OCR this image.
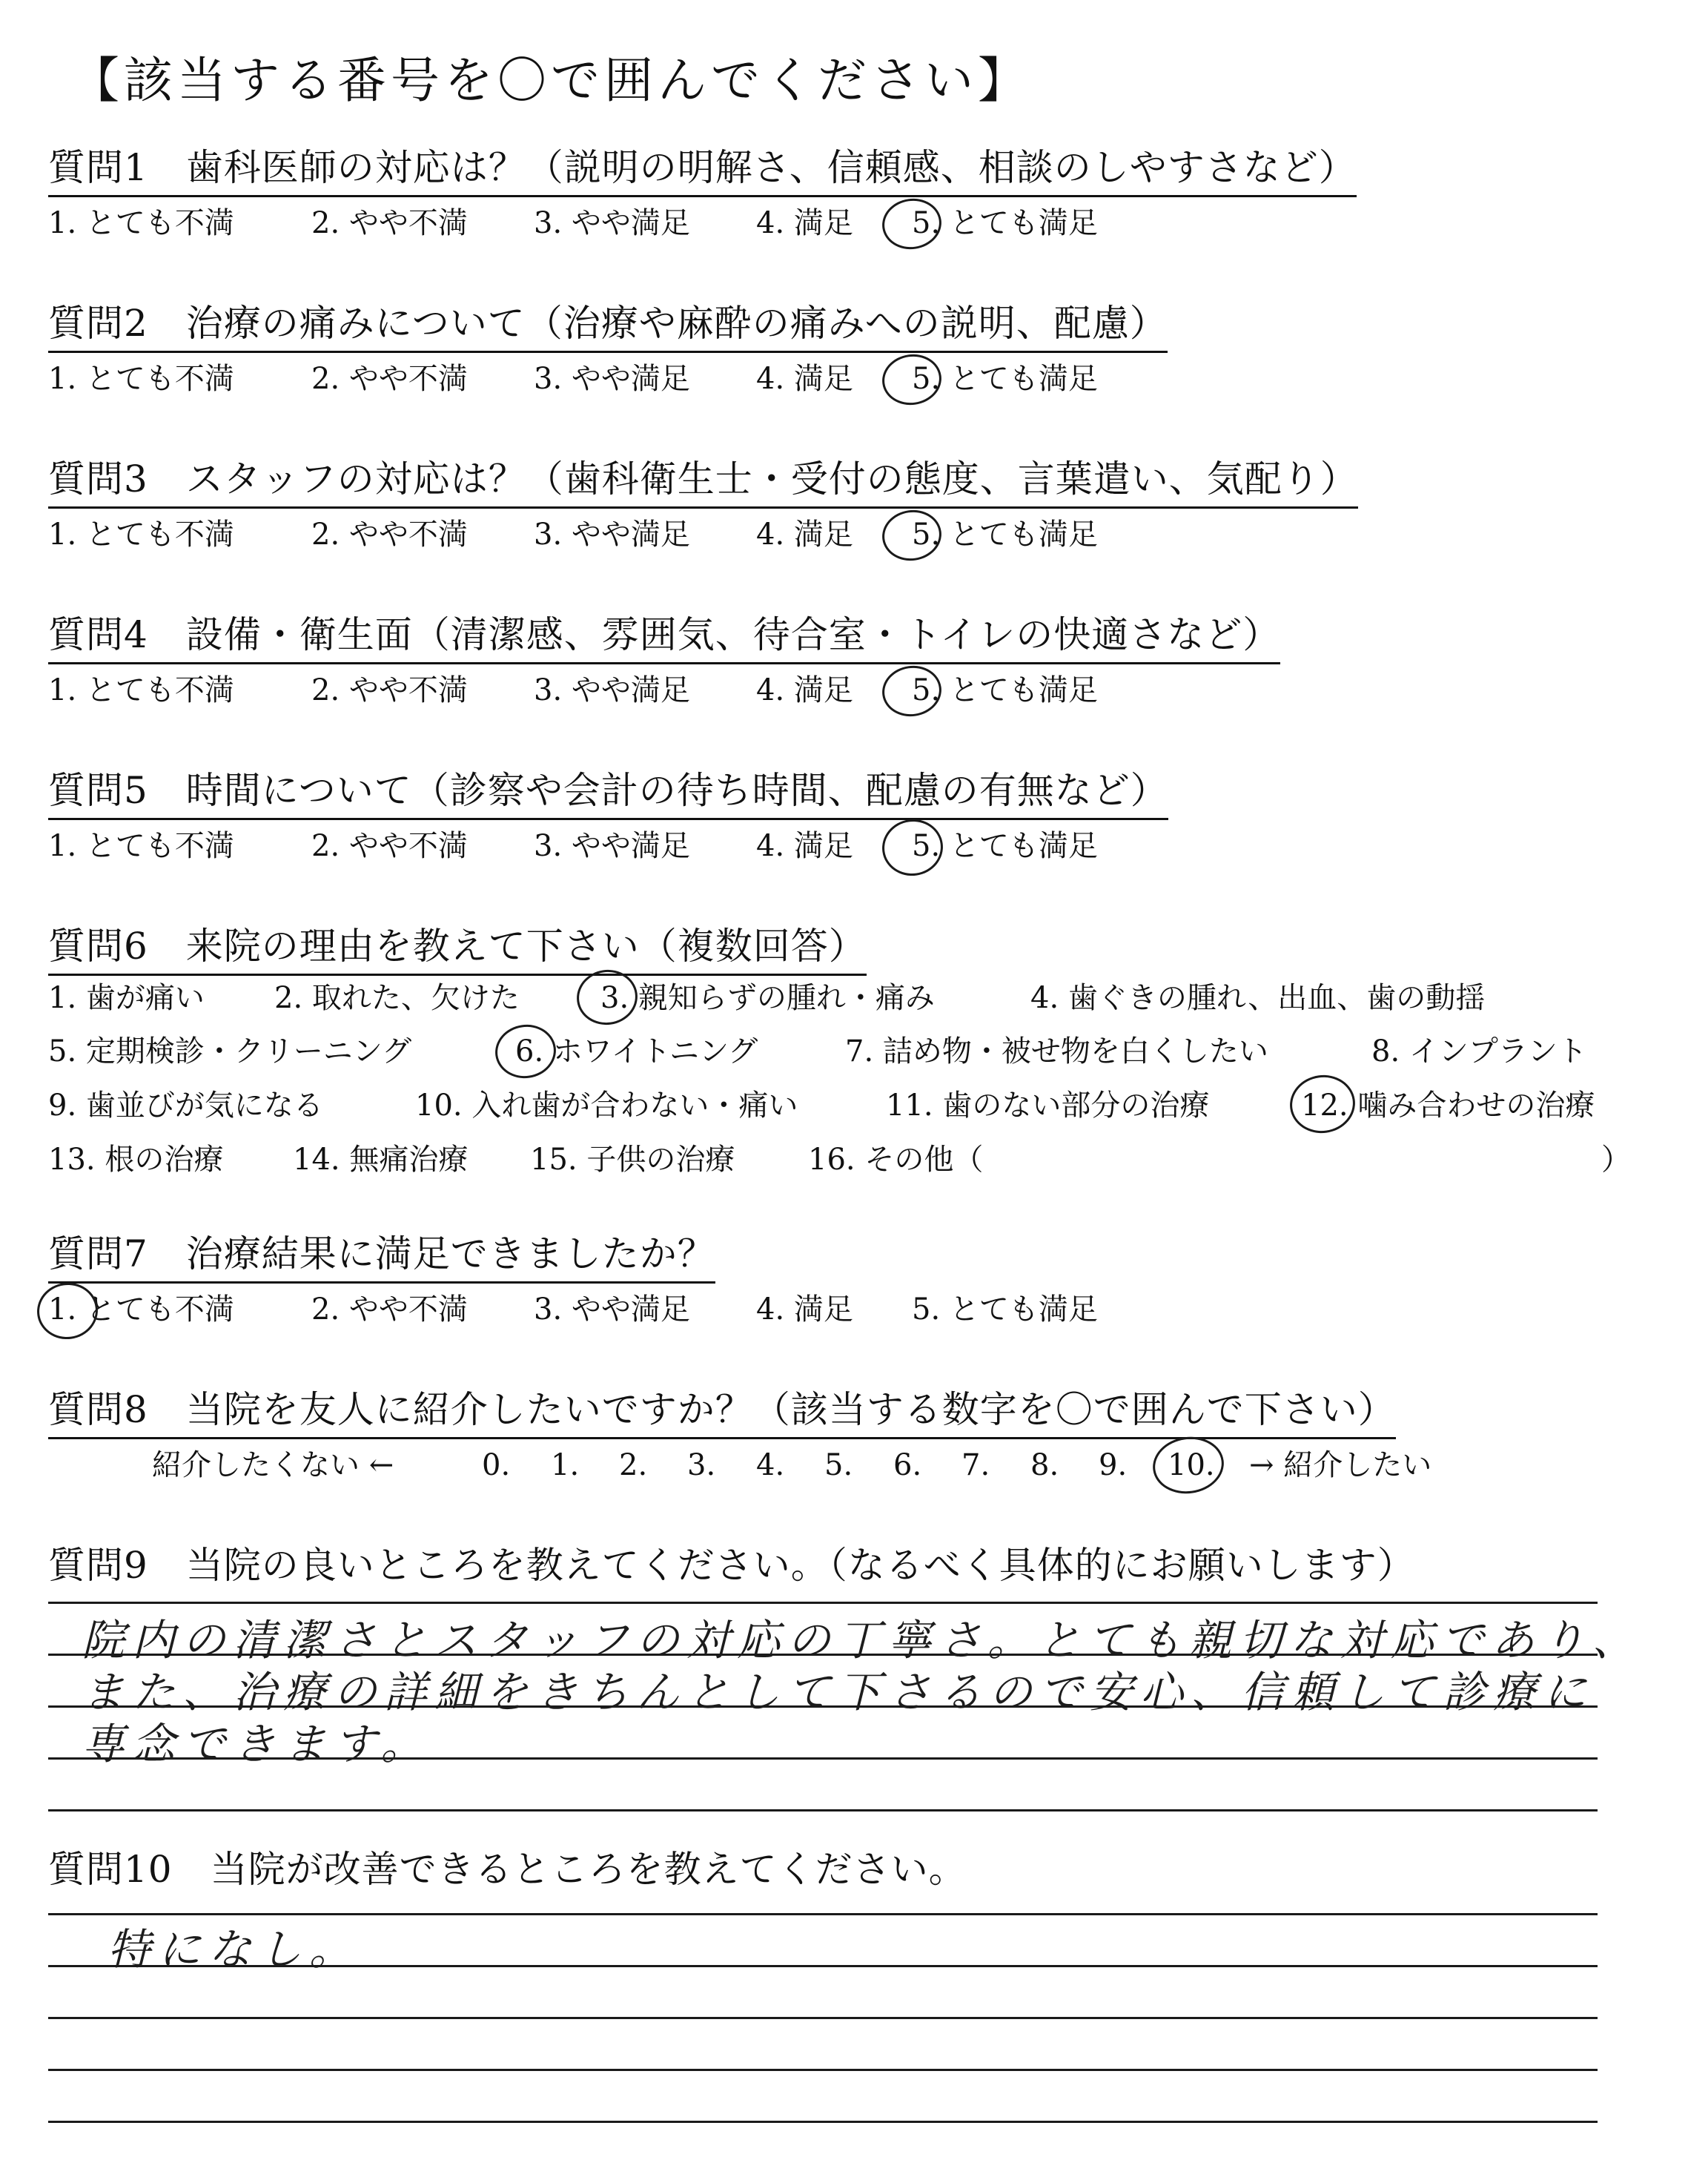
【該当する番号を〇で囲んでください】
質問1　歯科医師の対応は？（説明の明解さ、信頼感、相談のしやすさなど）
1. とても不満	2. やや不満 3. やや満足 4. 満足 5. とても満足
質問2　治療の痛みについて（治療や麻酔の痛みへの説明、配慮）
1. とても不満	2. やや不満 3. やや満足 4. 満足 5. とても満足
質問3　スタッフの対応は？（歯科衛生士・受付の態度、言葉遣い、気配り）
1. とても不満	2. やや不満 3. やや満足 4. 満足 5. とても満足
質問4　設備・衛生面（清潔感、雰囲気、待合室・トイレの快適さなど）
1. とても不満	2. やや不満 3. やや満足 4. 満足 5. とても満足
質問5　時間について（診察や会計の待ち時間、配慮の有無など）
1. とても不満	2. やや不満 3. やや満足 4. 満足 5. とても満足
質問6　来院の理由を教えて下さい（複数回答）
1. 歯が痛い 2. 取れた、欠けた	3. 親知らずの腫れ・痛み	4. 歯ぐきの腫れ、出血、歯の動揺
5. 定期検診・クリーニング	6. ホワイトニング	7. 詰め物・被せ物を白くしたい	8. インプラント
9. 歯並びが気になる	10. 入れ歯が合わない・痛い	11. 歯のない部分の治療	12. 噛み合わせの治療
13. 根の治療 14. 無痛治療 15. 子供の治療 16. その他（	）
質問7　治療結果に満足できましたか？
1. とても不満	2. やや不満 3. やや満足 4. 満足 5. とても満足
質問8　当院を友人に紹介したいですか？（該当する数字を〇で囲んで下さい）
紹介したくない ←	0. 1. 2. 3. 4. 5. 6. 7. 8. 9. 10. → 紹介したい
質問9　当院の良いところを教えてください。（なるべく具体的にお願いします）
院内の清潔さとスタッフの対応の丁寧さ。とても親切な対応であり、
また、治療の詳細をきちんとして下さるので安心、信頼して診療に
専念できます。
質問10　当院が改善できるところを教えてください。
特になし。
